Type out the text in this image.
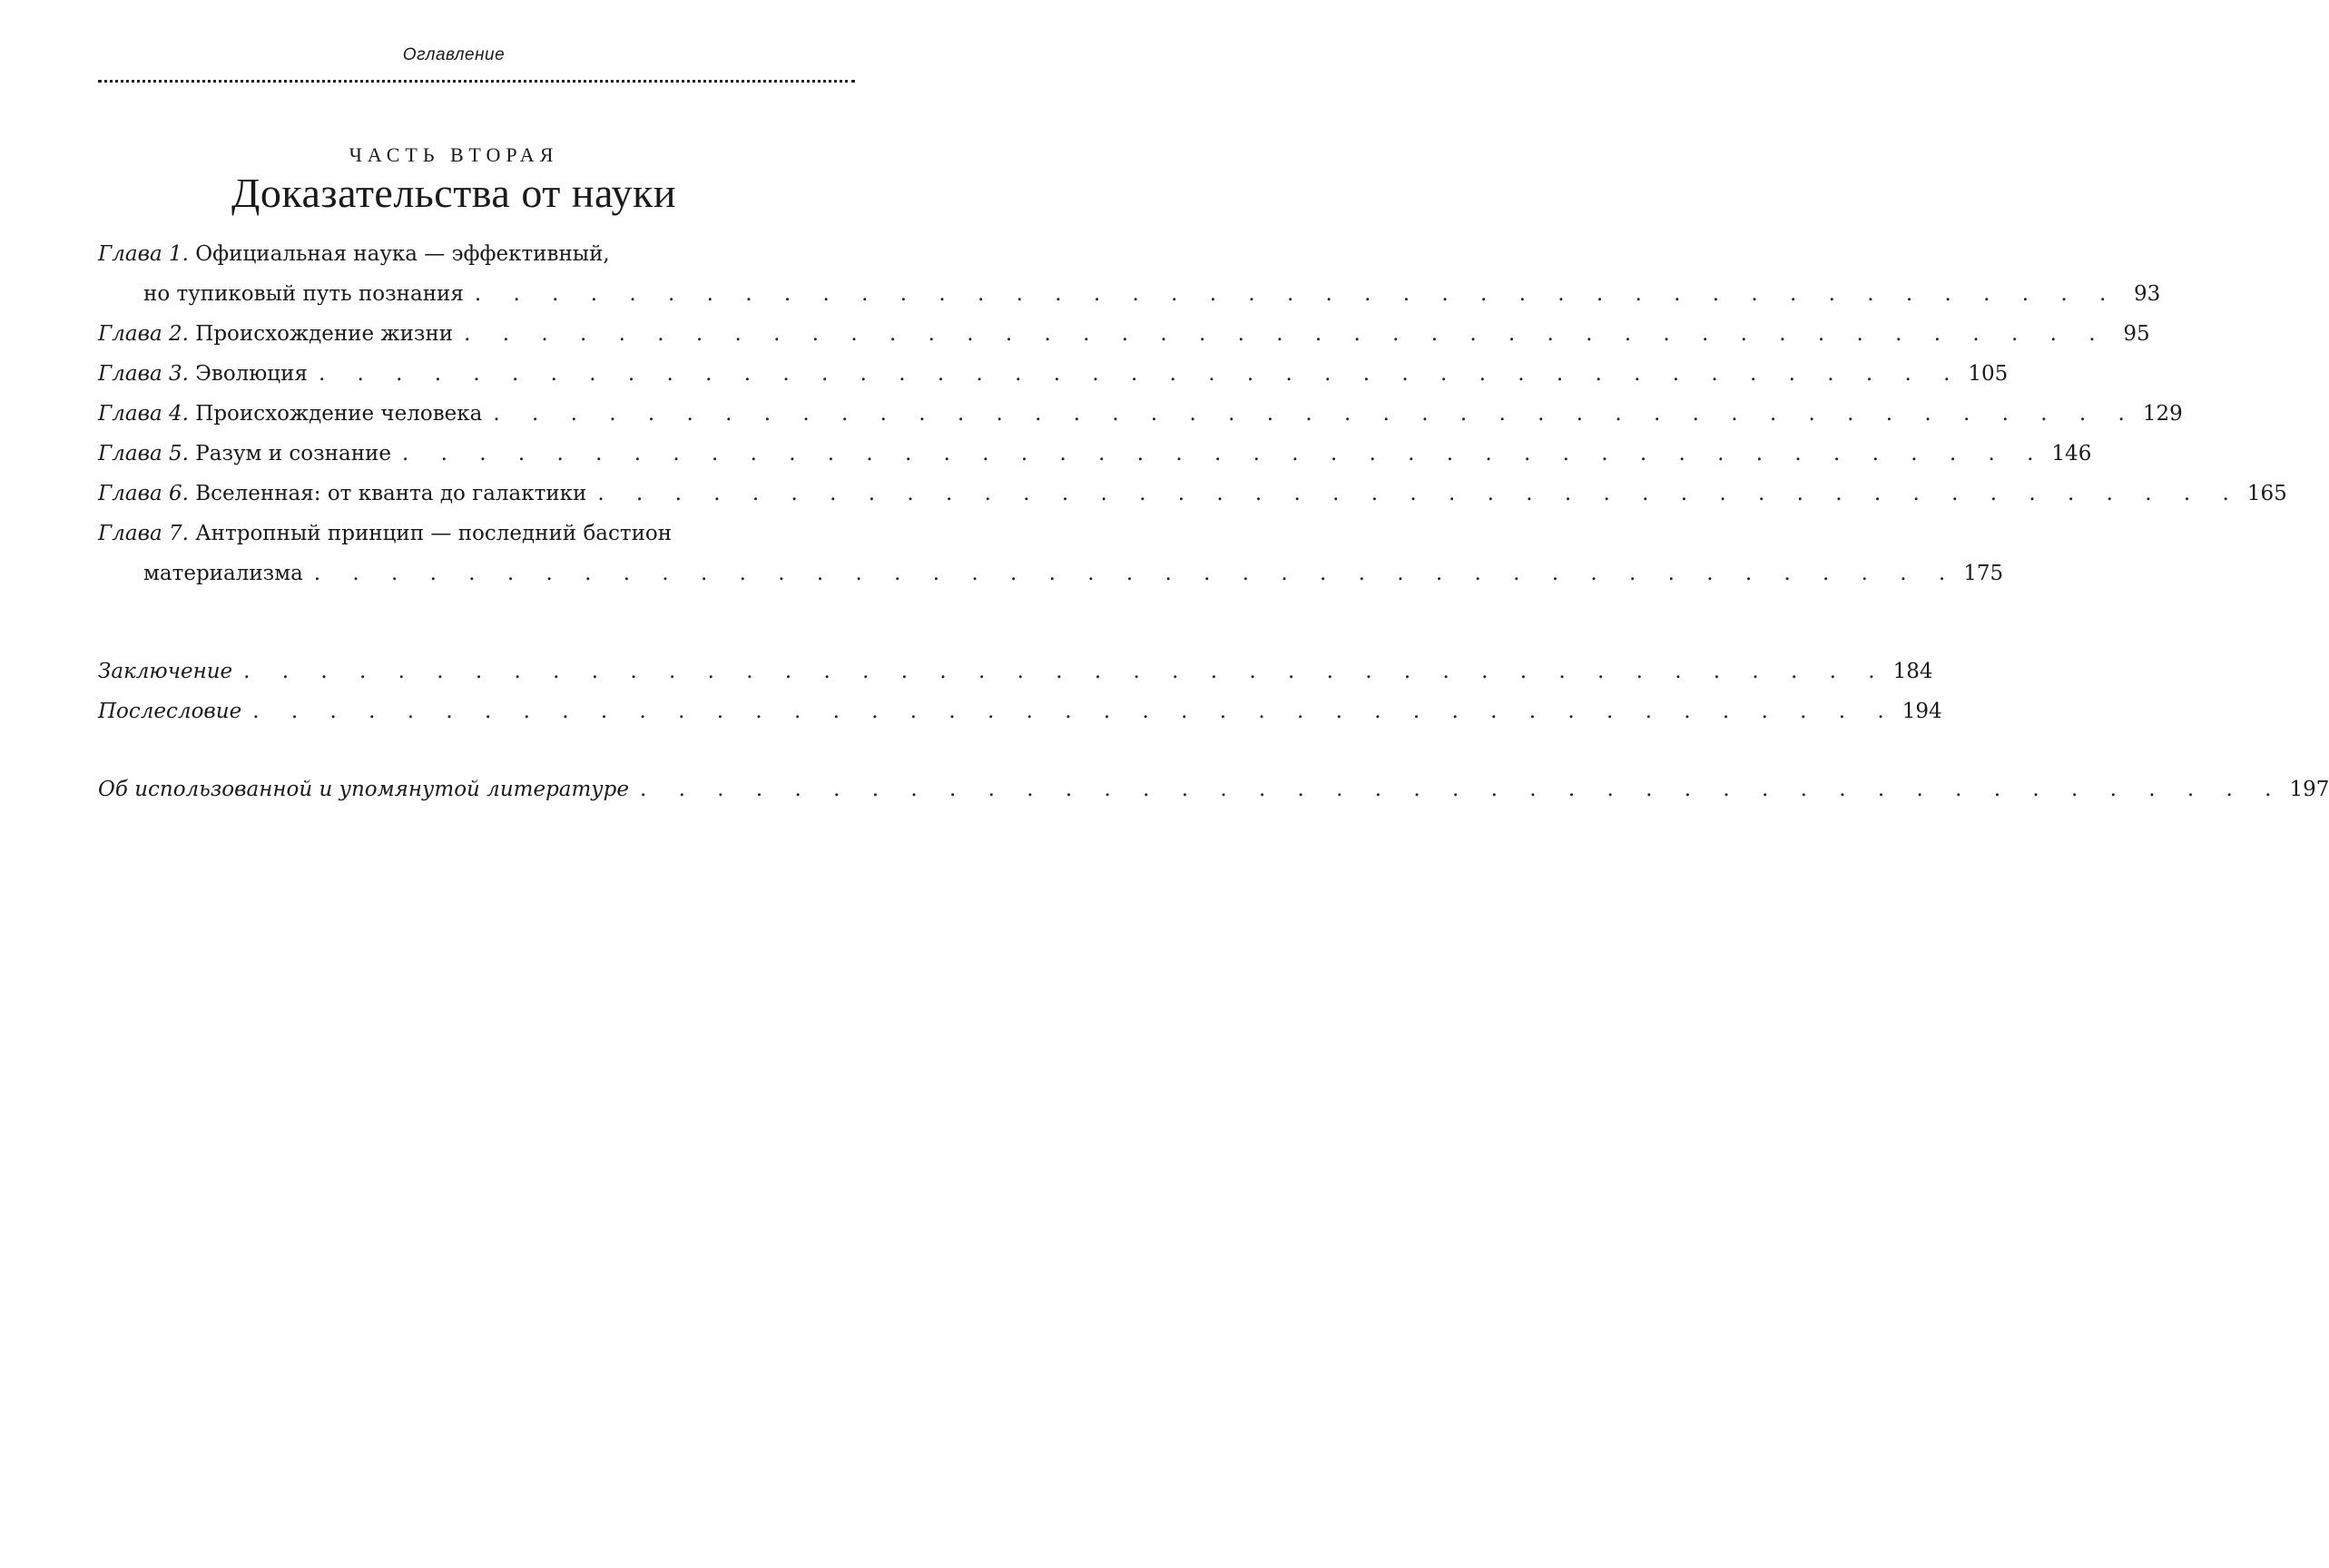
Оглавление
ЧАСТЬ ВТОРАЯ
Доказательства от науки
Глава 1. Официальная наука — эффективный,
но тупиковый путь познания . . . . . . . . . . . . . . . . . . . . . . . . . . . . . . . . . . . . . . . . . . . 93
Глава 2. Происхождение жизни . . . . . . . . . . . . . . . . . . . . . . . . . . . . . . . . . . . . . . . . . . . 95
Глава 3. Эволюция . . . . . . . . . . . . . . . . . . . . . . . . . . . . . . . . . . . . . . . . . . . 105
Глава 4. Происхождение человека . . . . . . . . . . . . . . . . . . . . . . . . . . . . . . . . . . . . . . . . . . . 129
Глава 5. Разум и сознание . . . . . . . . . . . . . . . . . . . . . . . . . . . . . . . . . . . . . . . . . . . 146
Глава 6. Вселенная: от кванта до галактики . . . . . . . . . . . . . . . . . . . . . . . . . . . . . . . . . . . . . . . . . . . 165
Глава 7. Антропный принцип — последний бастион
материализма . . . . . . . . . . . . . . . . . . . . . . . . . . . . . . . . . . . . . . . . . . . 175
Заключение . . . . . . . . . . . . . . . . . . . . . . . . . . . . . . . . . . . . . . . . . . . 184
Послесловие . . . . . . . . . . . . . . . . . . . . . . . . . . . . . . . . . . . . . . . . . . . 194
Об использованной и упомянутой литературе . . . . . . . . . . . . . . . . . . . . . . . . . . . . . . . . . . . . . . . . . . . 197
